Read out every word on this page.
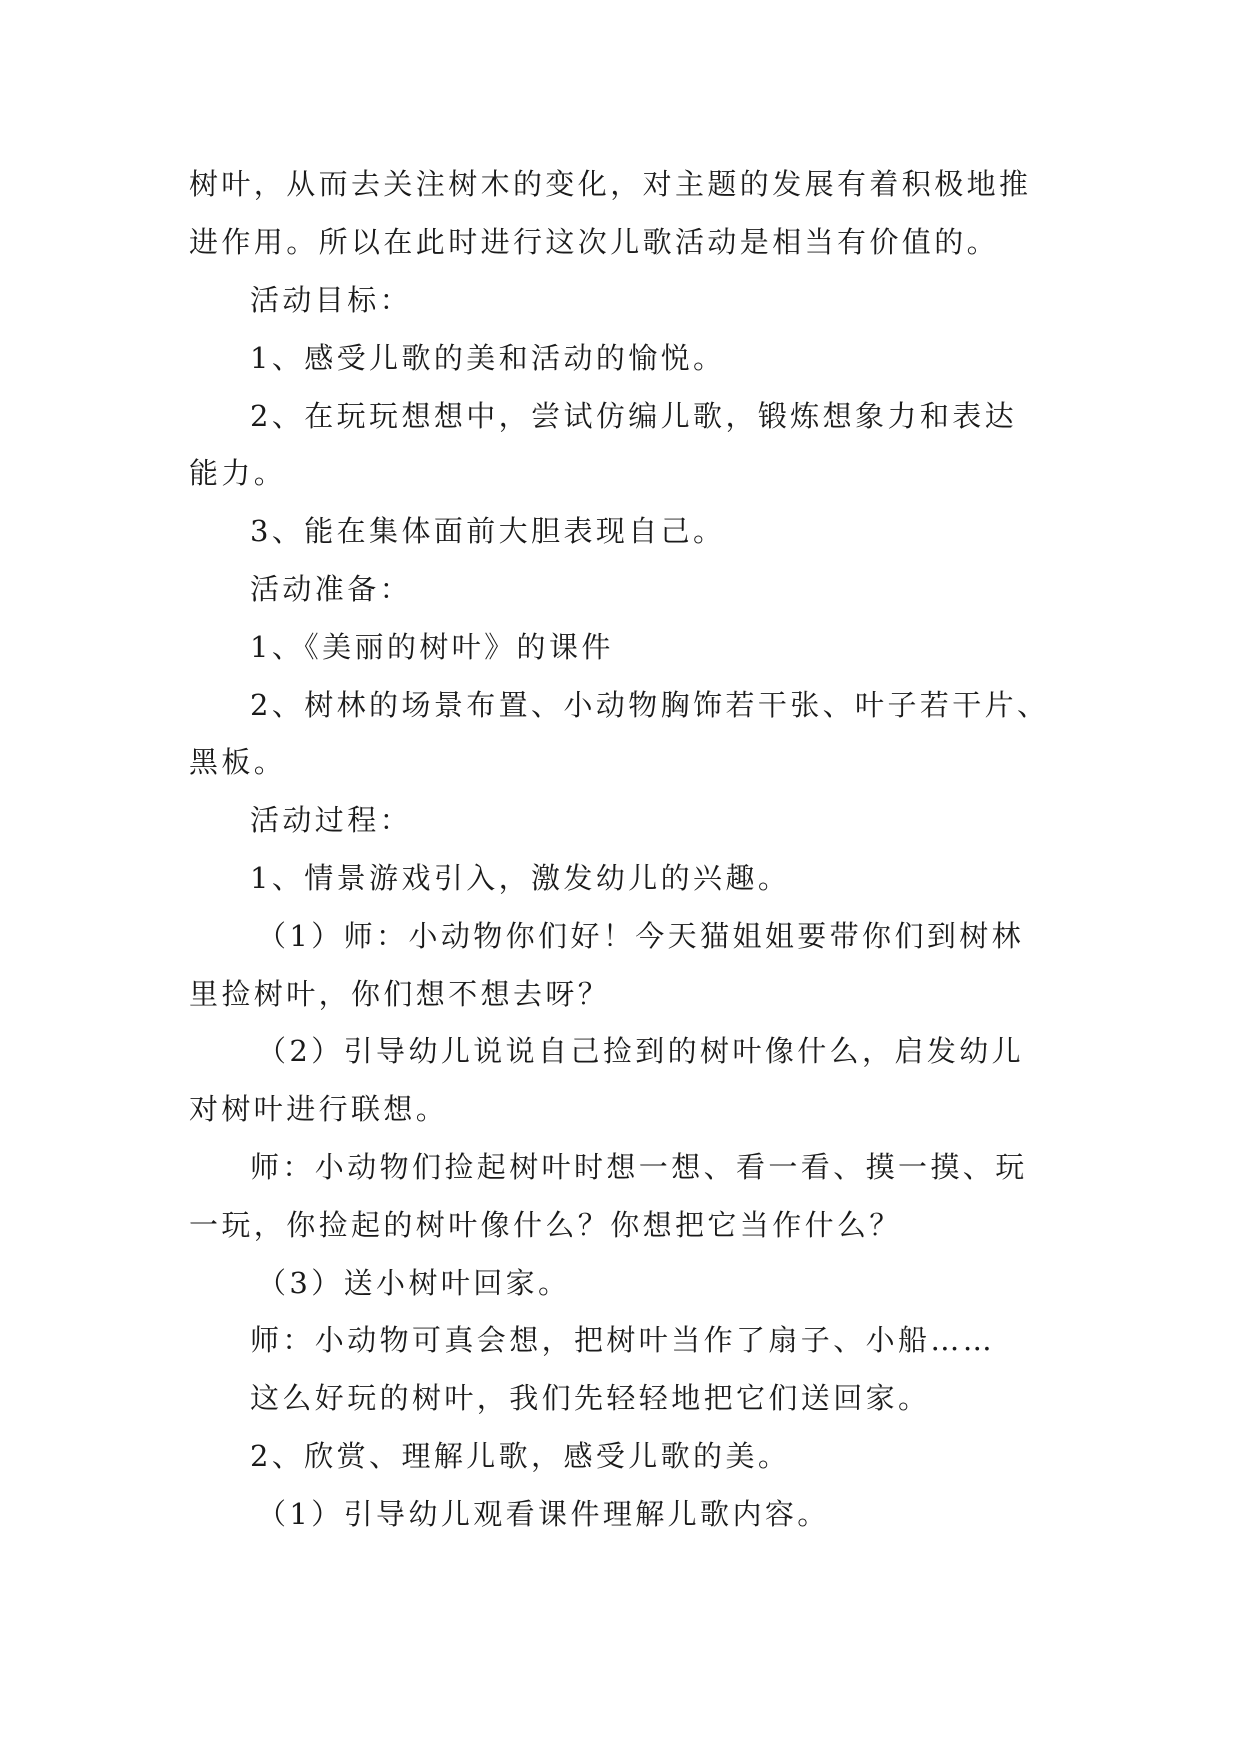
树叶，从而去关注树木的变化，对主题的发展有着积极地推
进作用。所以在此时进行这次儿歌活动是相当有价值的。
活动目标：
1、感受儿歌的美和活动的愉悦。
2、在玩玩想想中，尝试仿编儿歌，锻炼想象力和表达
能力。
3、能在集体面前大胆表现自己。
活动准备：
1、《美丽的树叶》的课件
2、树林的场景布置、小动物胸饰若干张、叶子若干片、
黑板。
活动过程：
1、情景游戏引入，激发幼儿的兴趣。
（1）师：小动物你们好！今天猫姐姐要带你们到树林
里捡树叶，你们想不想去呀？
（2）引导幼儿说说自己捡到的树叶像什么，启发幼儿
对树叶进行联想。
师：小动物们捡起树叶时想一想、看一看、摸一摸、玩
一玩，你捡起的树叶像什么？你想把它当作什么？
（3）送小树叶回家。
师：小动物可真会想，把树叶当作了扇子、小船……
这么好玩的树叶，我们先轻轻地把它们送回家。
2、欣赏、理解儿歌，感受儿歌的美。
（1）引导幼儿观看课件理解儿歌内容。
